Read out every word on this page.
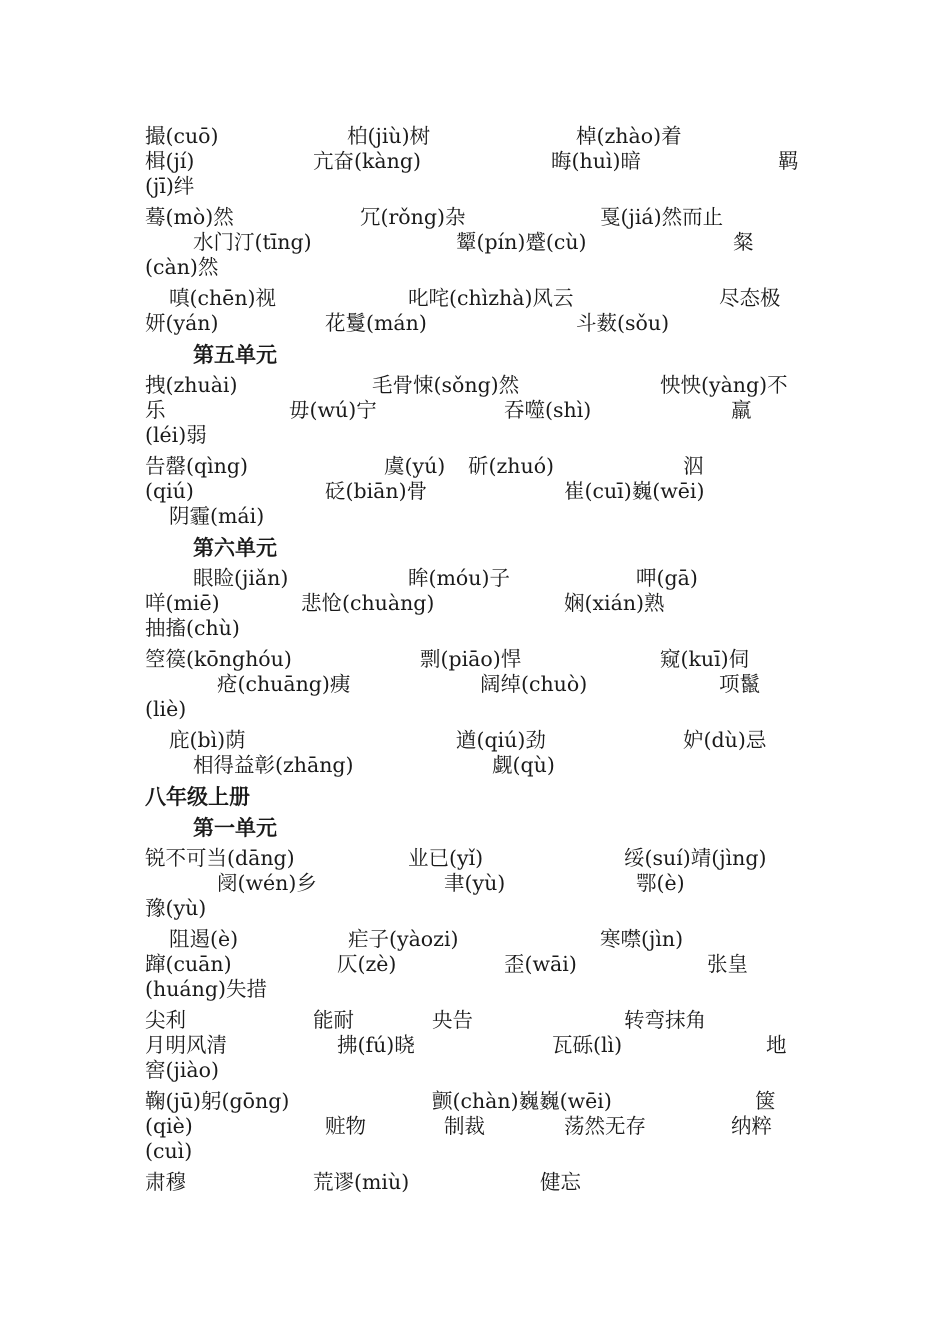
撮(cuō)	柏(jiù)树	棹(zhào)着
楫(jí)	亢奋(kàng)	晦(huì)暗	羁
(jī)绊
蓦(mò)然	冗(rǒng)杂	戛(jiá)然而止
水门汀(tīng)	颦(pín)蹙(cù)	粲
(càn)然
嗔(chēn)视	叱咤(chìzhà)风云	尽态极
妍(yán)	花鬘(mán)	斗薮(sǒu)
第五单元
拽(zhuài)	毛骨悚(sǒng)然	怏怏(yàng)不
乐	毋(wú)宁	吞噬(shì)	羸
(léi)弱
告罄(qìng)	虞(yú) 斫(zhuó)	泅
(qiú)	砭(biān)骨	崔(cuī)巍(wēi)
阴霾(mái)
第六单元
眼睑(jiǎn)	眸(móu)子	呷(gā)
咩(miē)	悲怆(chuàng)	娴(xián)熟
抽搐(chù)
箜篌(kōnghóu)	剽(piāo)悍	窥(kuī)伺
疮(chuāng)痍	阔绰(chuò)	项鬣
(liè)
庇(bì)荫	遒(qiú)劲	妒(dù)忌
相得益彰(zhāng)	觑(qù)
八年级上册
第一单元
锐不可当(dāng)	业已(yǐ)	绥(suí)靖(jìng)
阌(wén)乡	聿(yù)	鄂(è)
豫(yù)
阻遏(è)	疟子(yàozi)	寒噤(jìn)
蹿(cuān)	仄(zè)	歪(wāi)	张皇
(huáng)失措
尖利	能耐	央告	转弯抹角
月明风清	拂(fú)晓	瓦砾(lì)	地
窖(jiào)
鞠(jū)躬(gōng)	颤(chàn)巍巍(wēi)	箧
(qiè)	赃物	制裁	荡然无存	纳粹
(cuì)
肃穆	荒谬(miù)	健忘
